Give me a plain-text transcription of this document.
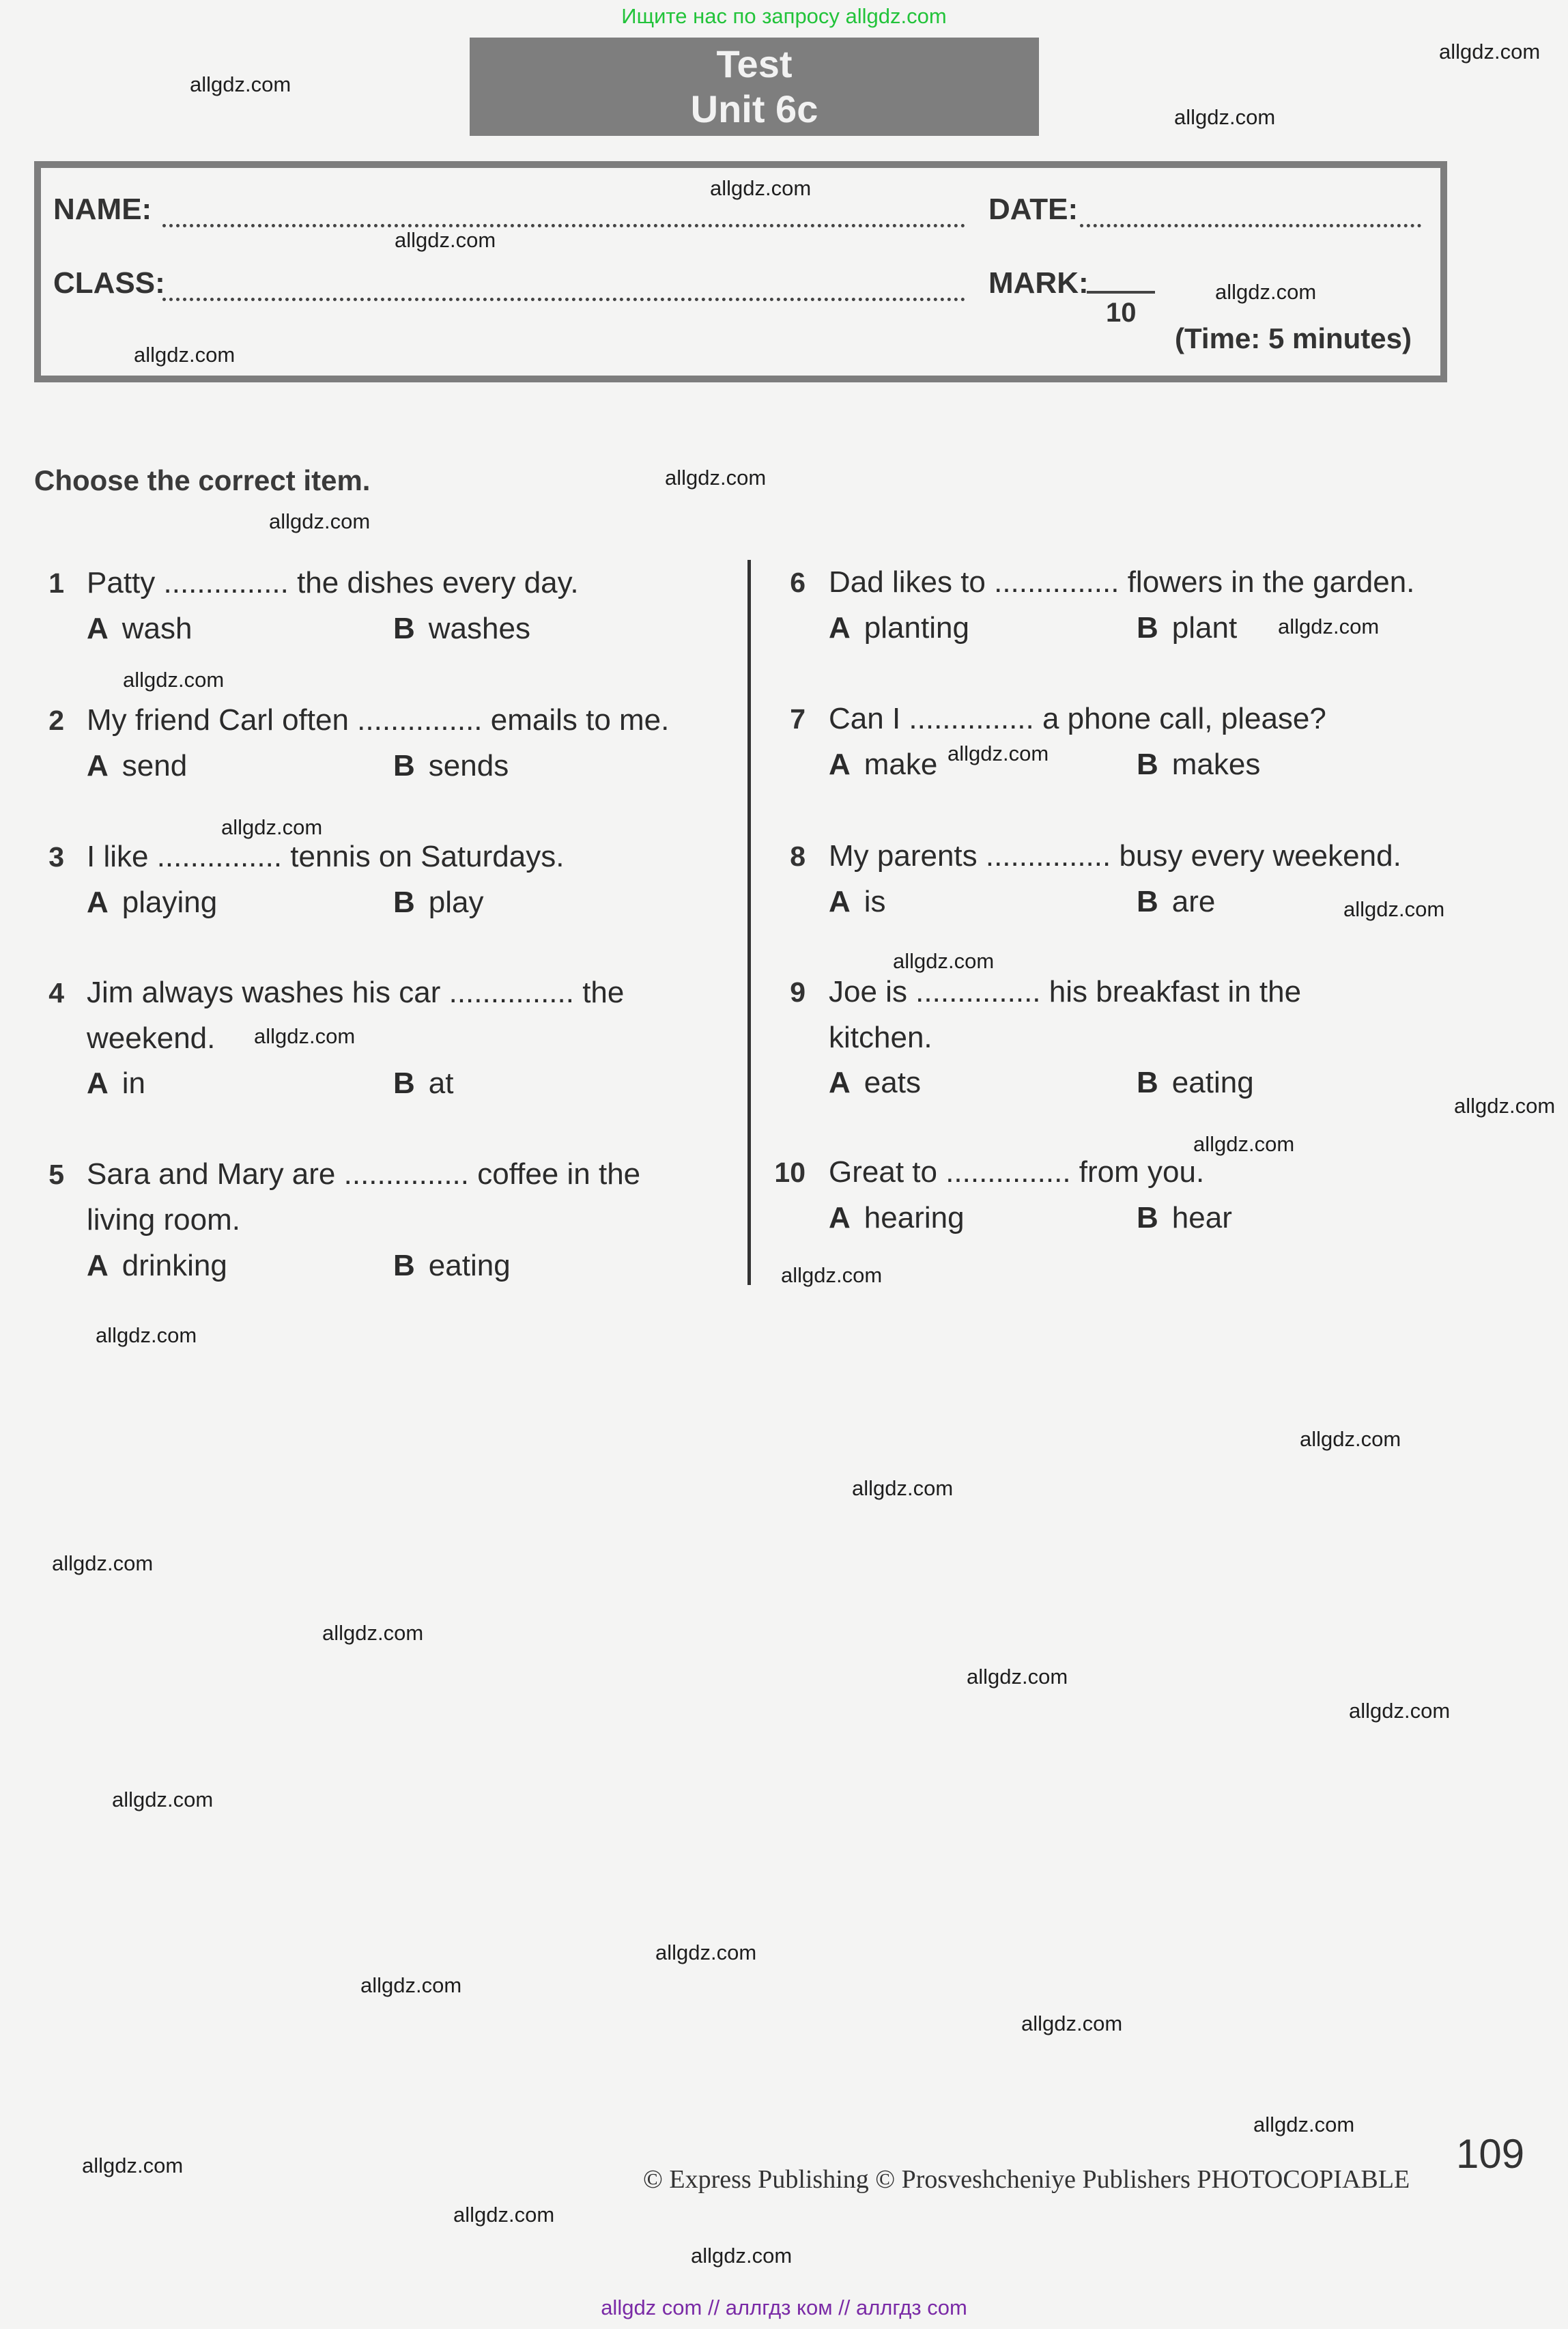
Ищите нас по запросу allgdz.com
Test
Unit 6c
NAME:	DATE:
CLASS:	MARK:
10
(Time: 5 minutes)
Choose the correct item.
1 Patty ............... the dishes every day.
A wash	B washes
2 My friend Carl often ............... emails to me.
A send	B sends
3 I like ............... tennis on Saturdays.
A playing	B play
4 Jim always washes his car ............... the
weekend.
A in	B at
5 Sara and Mary are ............... coffee in the
living room.
A drinking	B eating
6 Dad likes to ............... flowers in the garden.
A planting	B plant
7 Can I ............... a phone call, please?
A make	B makes
8 My parents ............... busy every weekend.
A is	B are
9 Joe is ............... his breakfast in the
kitchen.
A eats	B eating
10 Great to ............... from you.
A hearing	B hear
allgdz.com
allgdz.com
allgdz.com
allgdz.com
allgdz.com
allgdz.com
allgdz.com
allgdz.com
allgdz.com
allgdz.com
allgdz.com
allgdz.com
allgdz.com
allgdz.com
allgdz.com
allgdz.com
allgdz.com
allgdz.com
allgdz.com
allgdz.com
allgdz.com
allgdz.com
allgdz.com
allgdz.com
allgdz.com
allgdz.com
allgdz.com
allgdz.com
allgdz.com
allgdz.com
allgdz.com
allgdz.com
allgdz.com
allgdz.com
© Express Publishing © Prosveshcheniye Publishers PHOTOCOPIABLE
109
allgdz com // аллгдз ком // аллгдз com
